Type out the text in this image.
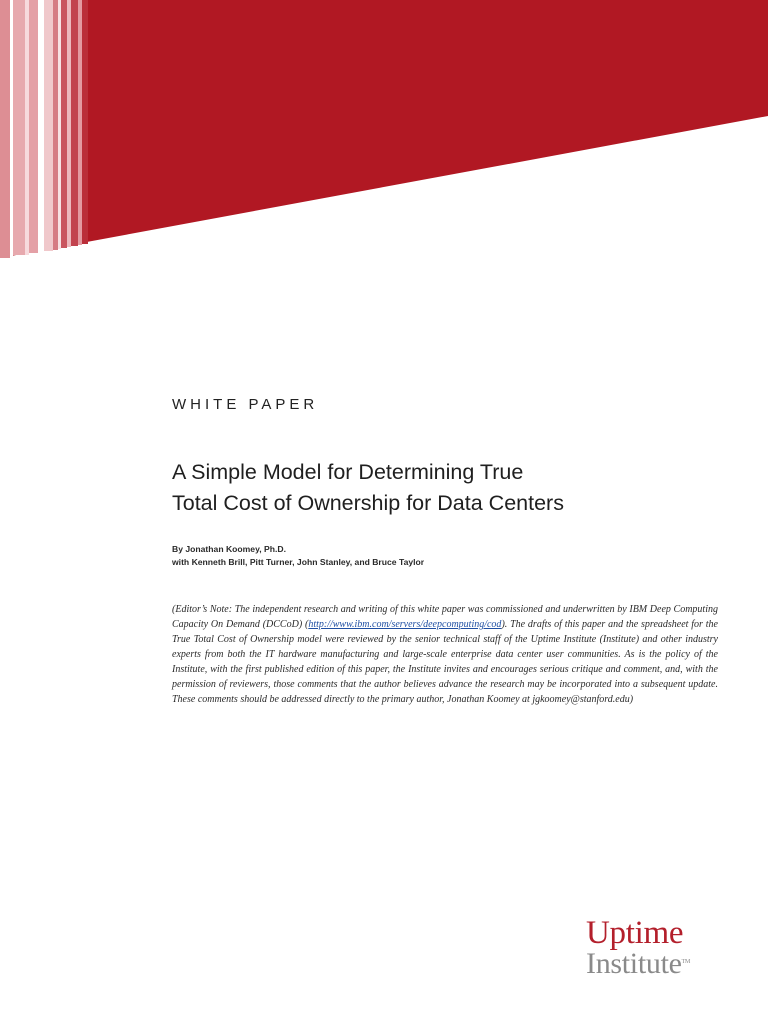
WHITE PAPER
A Simple Model for Determining True
Total Cost of Ownership for Data Centers
By Jonathan Koomey, Ph.D.
with Kenneth Brill, Pitt Turner, John Stanley, and Bruce Taylor

(Editor’s Note: The independent research and writing of this white paper was commissioned and underwritten by IBM Deep Computing Capacity On Demand (DCCoD) (http://www.ibm.com/servers/deepcomputing/cod). The drafts of this paper and the spreadsheet for the True Total Cost of Ownership model were reviewed by the senior technical staff of the Uptime Institute (Institute) and other industry experts from both the IT hardware manufacturing and large-scale enterprise data center user communities. As is the policy of the Institute, with the first published edition of this paper, the Institute invites and encourages serious critique and comment, and, with the permission of reviewers, those comments that the author believes advance the research may be incorporated into a subsequent update. These comments should be addressed directly to the primary author, Jonathan Koomey at jgkoomey@stanford.edu)

Uptime
Institute™
